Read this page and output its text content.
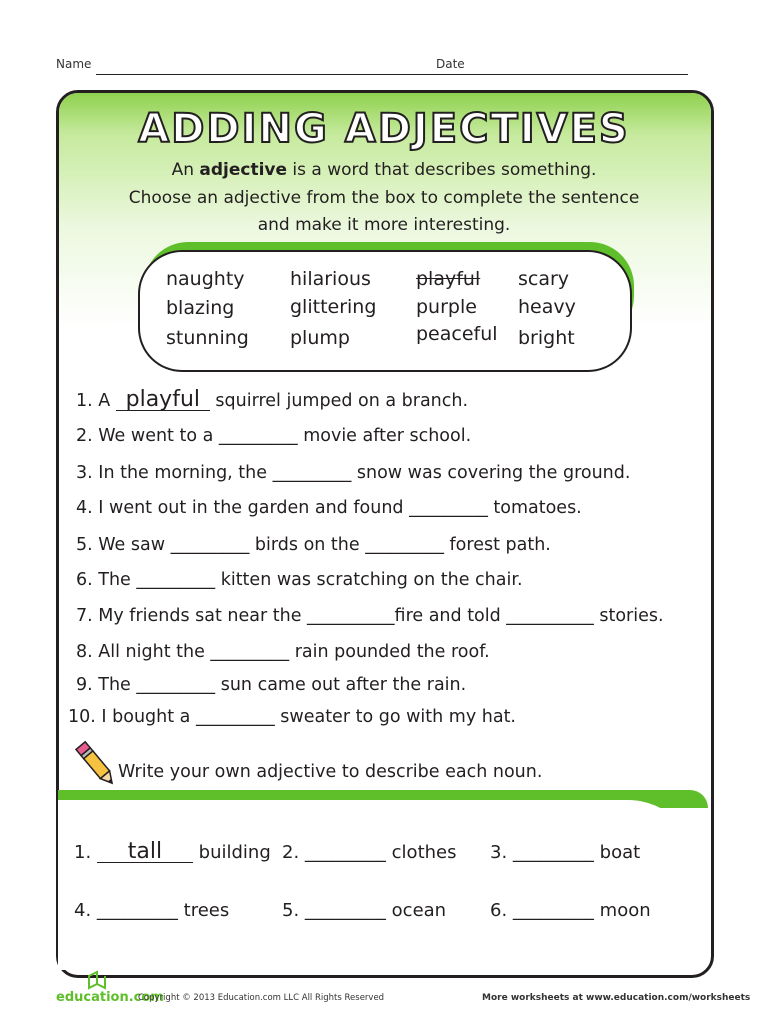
Name	Date
ADDING ADJECTIVES
An adjective is a word that describes something.
Choose an adjective from the box to complete the sentence
and make it more interesting.
naughty
blazing
stunning
hilarious
glittering
plump
playful
purple
peaceful
scary
heavy
bright
1. A playful squirrel jumped on a branch.
2. We went to a _________ movie after school.
3. In the morning, the _________ snow was covering the ground.
4. I went out in the garden and found _________ tomatoes.
5. We saw _________ birds on the _________ forest path.
6. The _________ kitten was scratching on the chair.
7. My friends sat near the __________fire and told __________ stories.
8. All night the _________ rain pounded the roof.
9. The _________ sun came out after the rain.
10. I bought a _________ sweater to go with my hat.
Write your own adjective to describe each noun.
1. tall building 2. _________ clothes 3. _________ boat
4. _________ trees	5. _________ ocean 6. _________ moon
education.com
Copyright © 2013 Education.com LLC All Rights Reserved	More worksheets at www.education.com/worksheets
